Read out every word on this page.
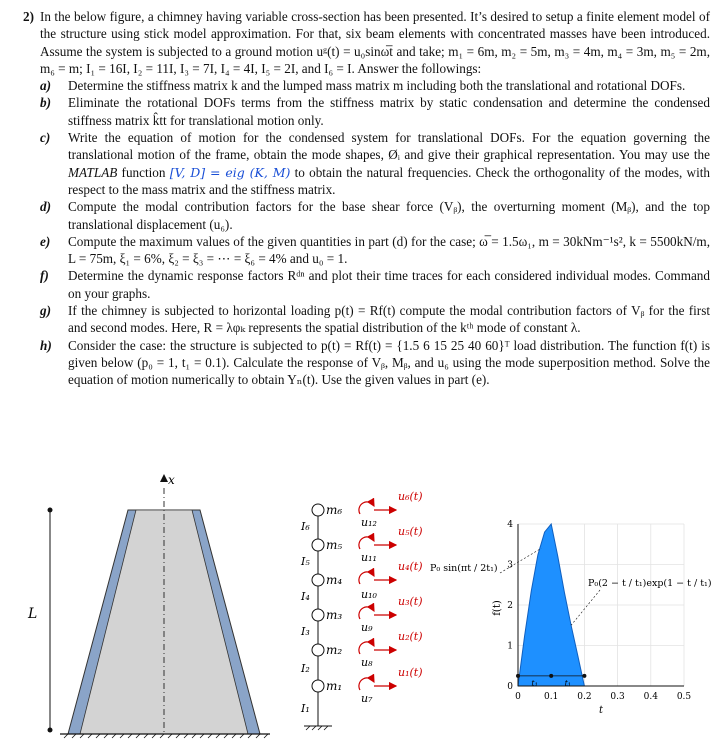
2) In the below figure, a chimney having variable cross-section has been presented. It’s desired to setup a finite element model of the structure using stick model approximation. For that, six beam elements with concentrated masses have been introduced. Assume the system is subjected to a ground motion uᵍ(t) = u₀sinω̅t and take; m₁ = 6m, m₂ = 5m, m₃ = 4m, m₄ = 3m, m₅ = 2m, m₆ = m; I₁ = 16I, I₂ = 11I, I₃ = 7I, I₄ = 4I, I₅ = 2I, and I₆ = I. Answer the followings:
a)	Determine the stiffness matrix k and the lumped mass matrix m including both the translational and rotational DOFs.
b)	Eliminate the rotational DOFs terms from the stiffness matrix by static condensation and determine the condensed stiffness matrix k̂tt for translational motion only.
c)	Write the equation of motion for the condensed system for translational DOFs. For the equation governing the translational motion of the frame, obtain the mode shapes, Øᵢ and give their graphical representation. You may use the MATLAB function [V, D] = eig (K, M) to obtain the natural frequencies. Check the orthogonality of the modes, with respect to the mass matrix and the stiffness matrix.
d)	Compute the modal contribution factors for the base shear force (Vᵦ), the overturning moment (Mᵦ), and the top translational displacement (u₆).
e)	Compute the maximum values of the given quantities in part (d) for the case; ω̅ = 1.5ω₁, m = 30kNm⁻¹s², k = 5500kN/m, L = 75m, ξ₁ = 6%, ξ₂ = ξ₃ = ⋯ = ξ₆ = 4% and u₀ = 1.
f)	Determine the dynamic response factors Rᵈⁿ and plot their time traces for each considered individual modes. Command on your graphs.
g)	If the chimney is subjected to horizontal loading p(t) = Rf(t) compute the modal contribution factors of Vᵦ for the first and second modes. Here, R = λφₖ represents the spatial distribution of the kᵗʰ mode of constant λ.
h)	Consider the case: the structure is subjected to p(t) = Rf(t) = {1.5 6 15 25 40 60}ᵀ load distribution. The function f(t) is given below (p₀ = 1, t₁ = 0.1). Calculate the response of Vᵦ, Mᵦ, and u₆ using the mode superposition method. Solve the equation of motion numerically to obtain Yₙ(t). Use the given values in part (e).
L
x
m₆
I₆	u₁₂
u₆(t)
m₅
I₅	u₁₁
u₅(t)
m₄
I₄	u₁₀
u₄(t)
m₃
I₃	u₉
u₃(t)
m₂
I₂	u₈
u₂(t)
m₁
I₁
u₇
u₁(t)
0	0.1 0.2 0.3 0.4 0.5
0
1
2
3
4
t
f(t)
t₁	t₁
P₀ sin(πt / 2t₁)
P₀(2 − t / t₁)exp(1 − t / t₁)
